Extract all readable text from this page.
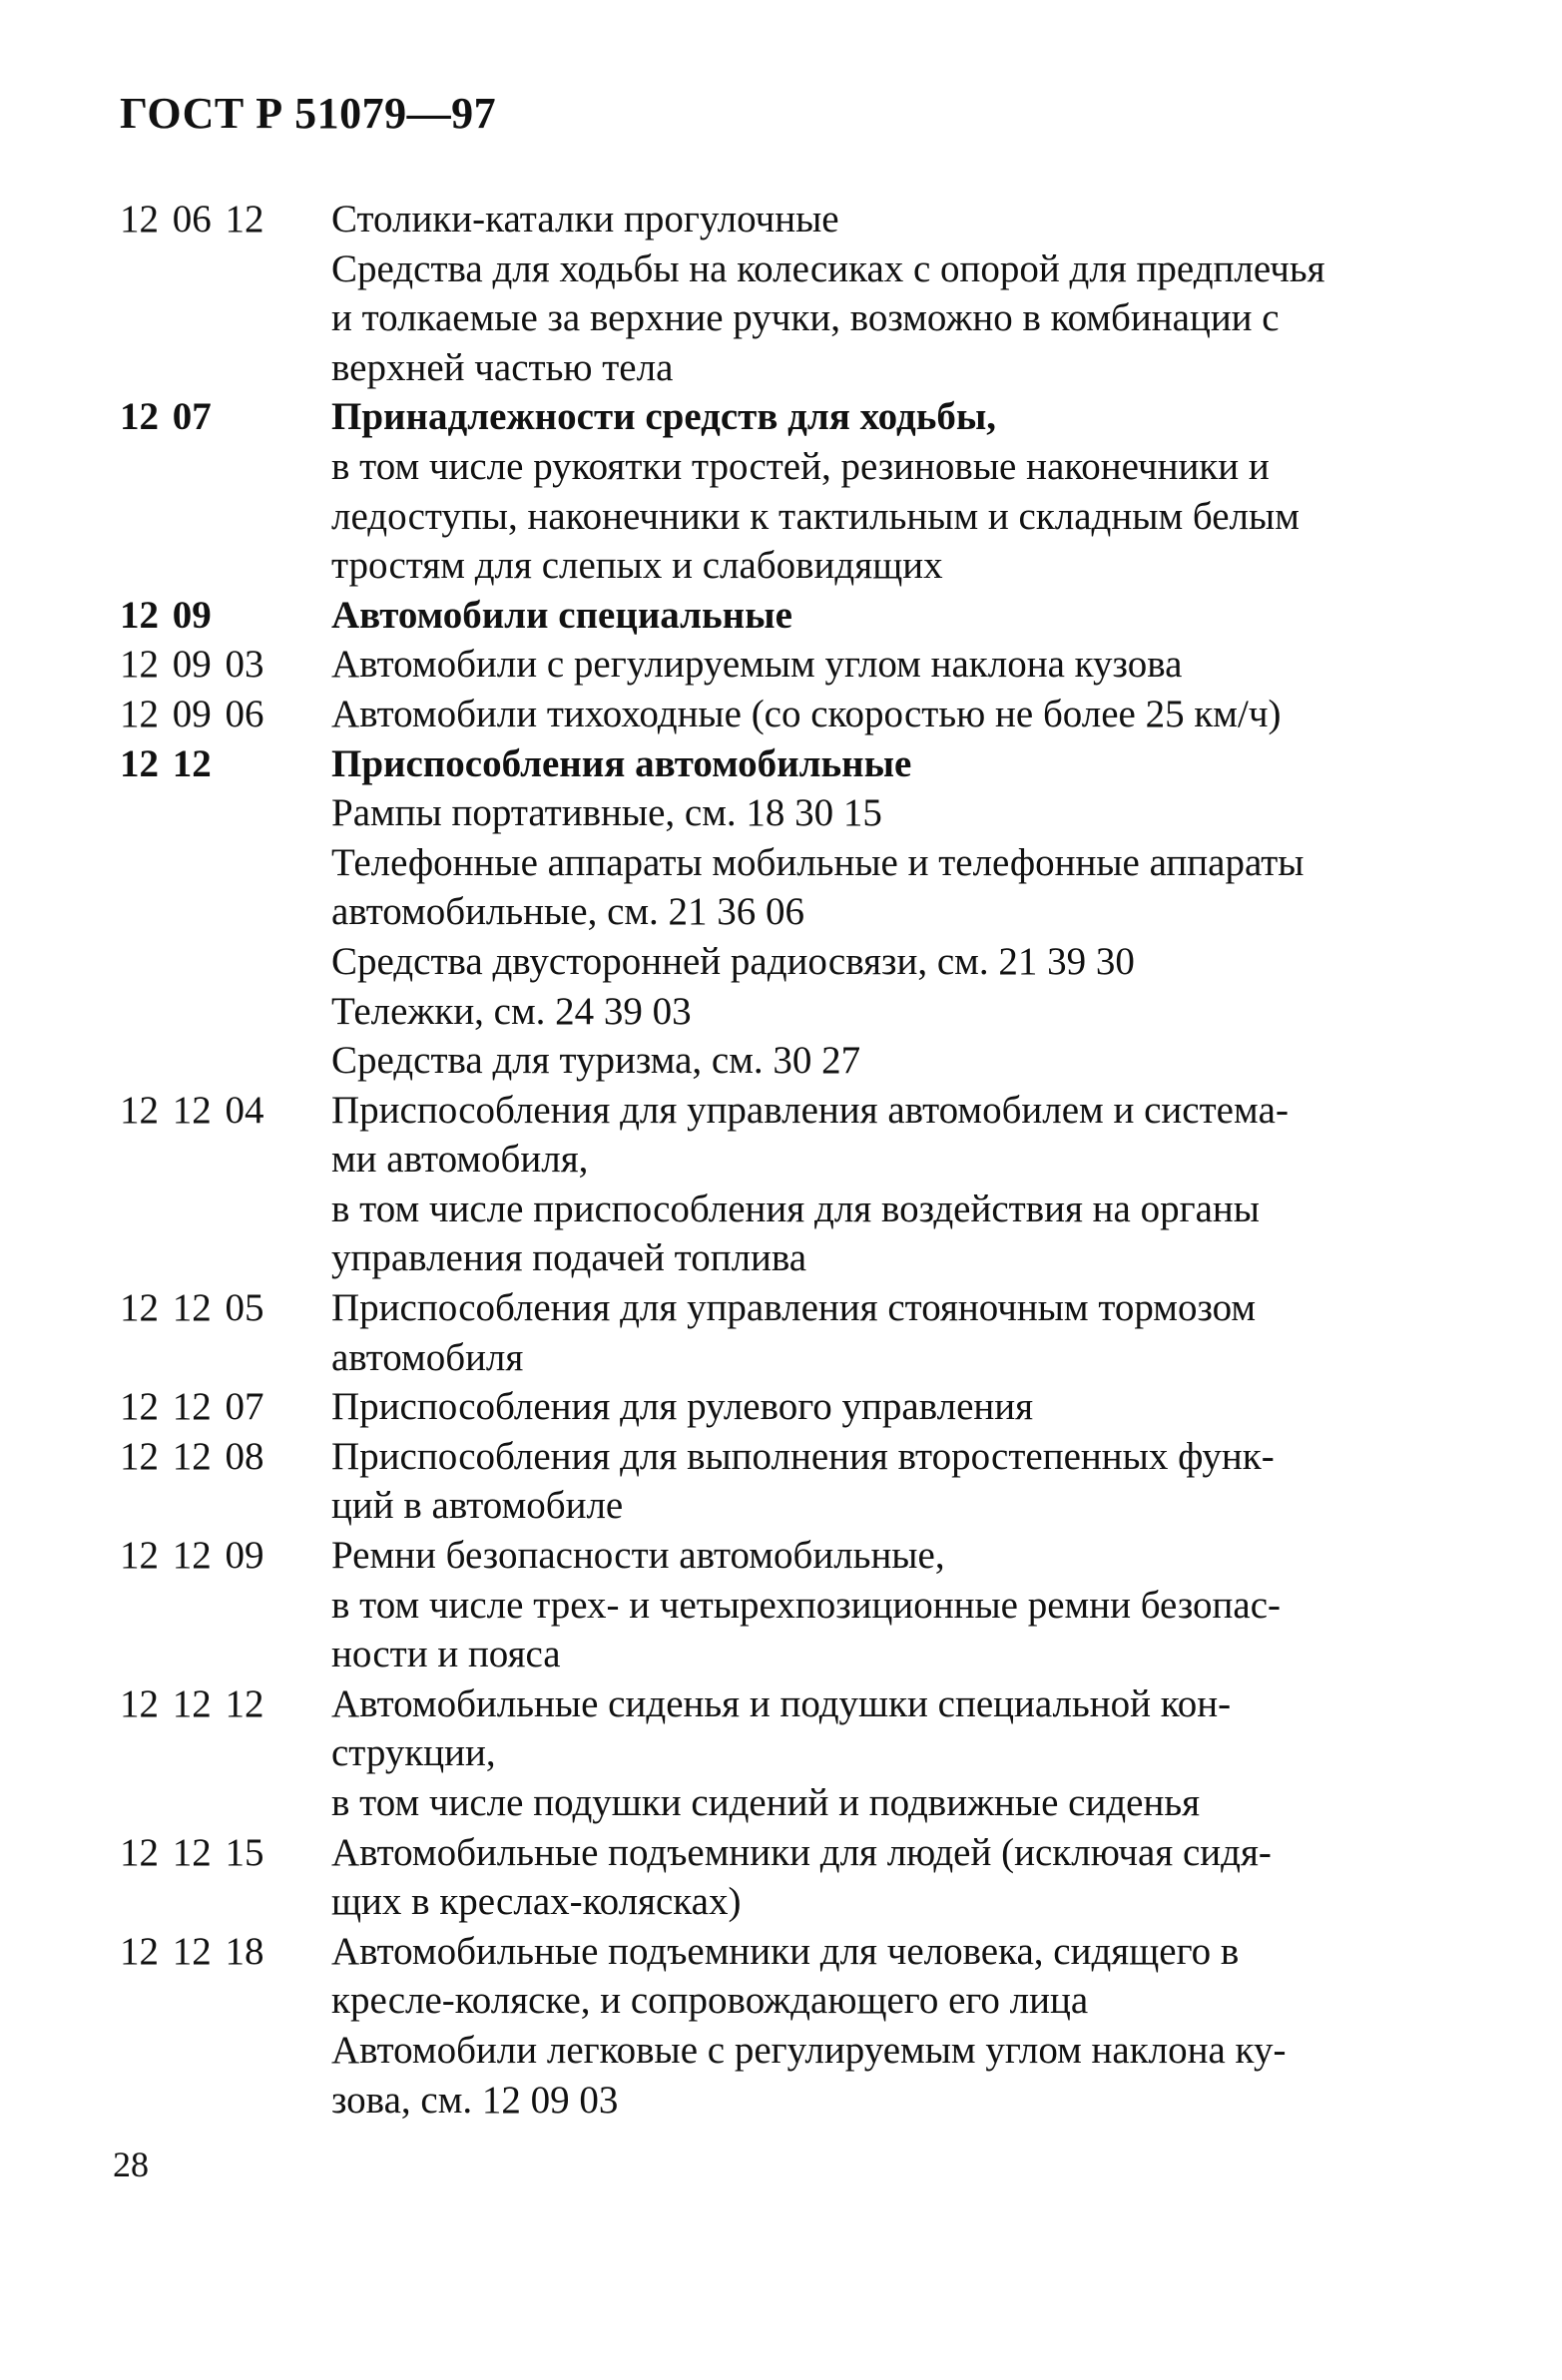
ГОСТ Р 51079—97
12 06 12	Столики-каталки прогулочные
Средства для ходьбы на колесиках с опорой для предплечья
и толкаемые за верхние ручки, возможно в комбинации с
верхней частью тела
12 07	Принадлежности средств для ходьбы,
в том числе рукоятки тростей, резиновые наконечники и
ледоступы, наконечники к тактильным и складным белым
тростям для слепых и слабовидящих
12 09	Автомобили специальные
12 09 03	Автомобили с регулируемым углом наклона кузова
12 09 06	Автомобили тихоходные (со скоростью не более 25 км/ч)
12 12	Приспособления автомобильные
Рампы портативные, см. 18 30 15
Телефонные аппараты мобильные и телефонные аппараты
автомобильные, см. 21 36 06
Средства двусторонней радиосвязи, см. 21 39 30
Тележки, см. 24 39 03
Средства для туризма, см. 30 27
12 12 04	Приспособления для управления автомобилем и системa-
ми автомобиля,
в том числе приспособления для воздействия на органы
управления подачей топлива
12 12 05	Приспособления для управления стояночным тормозом
автомобиля
12 12 07	Приспособления для рулевого управления
12 12 08	Приспособления для выполнения второстепенных функ-
ций в автомобиле
12 12 09	Ремни безопасности автомобильные,
в том числе трех- и четырехпозиционные ремни безопас-
ности и пояса
12 12 12	Автомобильные сиденья и подушки специальной кон-
струкции,
в том числе подушки сидений и подвижные сиденья
12 12 15	Автомобильные подъемники для людей (исключая сидя-
щих в креслах-колясках)
12 12 18	Автомобильные подъемники для человека, сидящего в
кресле-коляске, и сопровождающего его лица
Автомобили легковые с регулируемым углом наклона ку-
зова, см. 12 09 03
28
